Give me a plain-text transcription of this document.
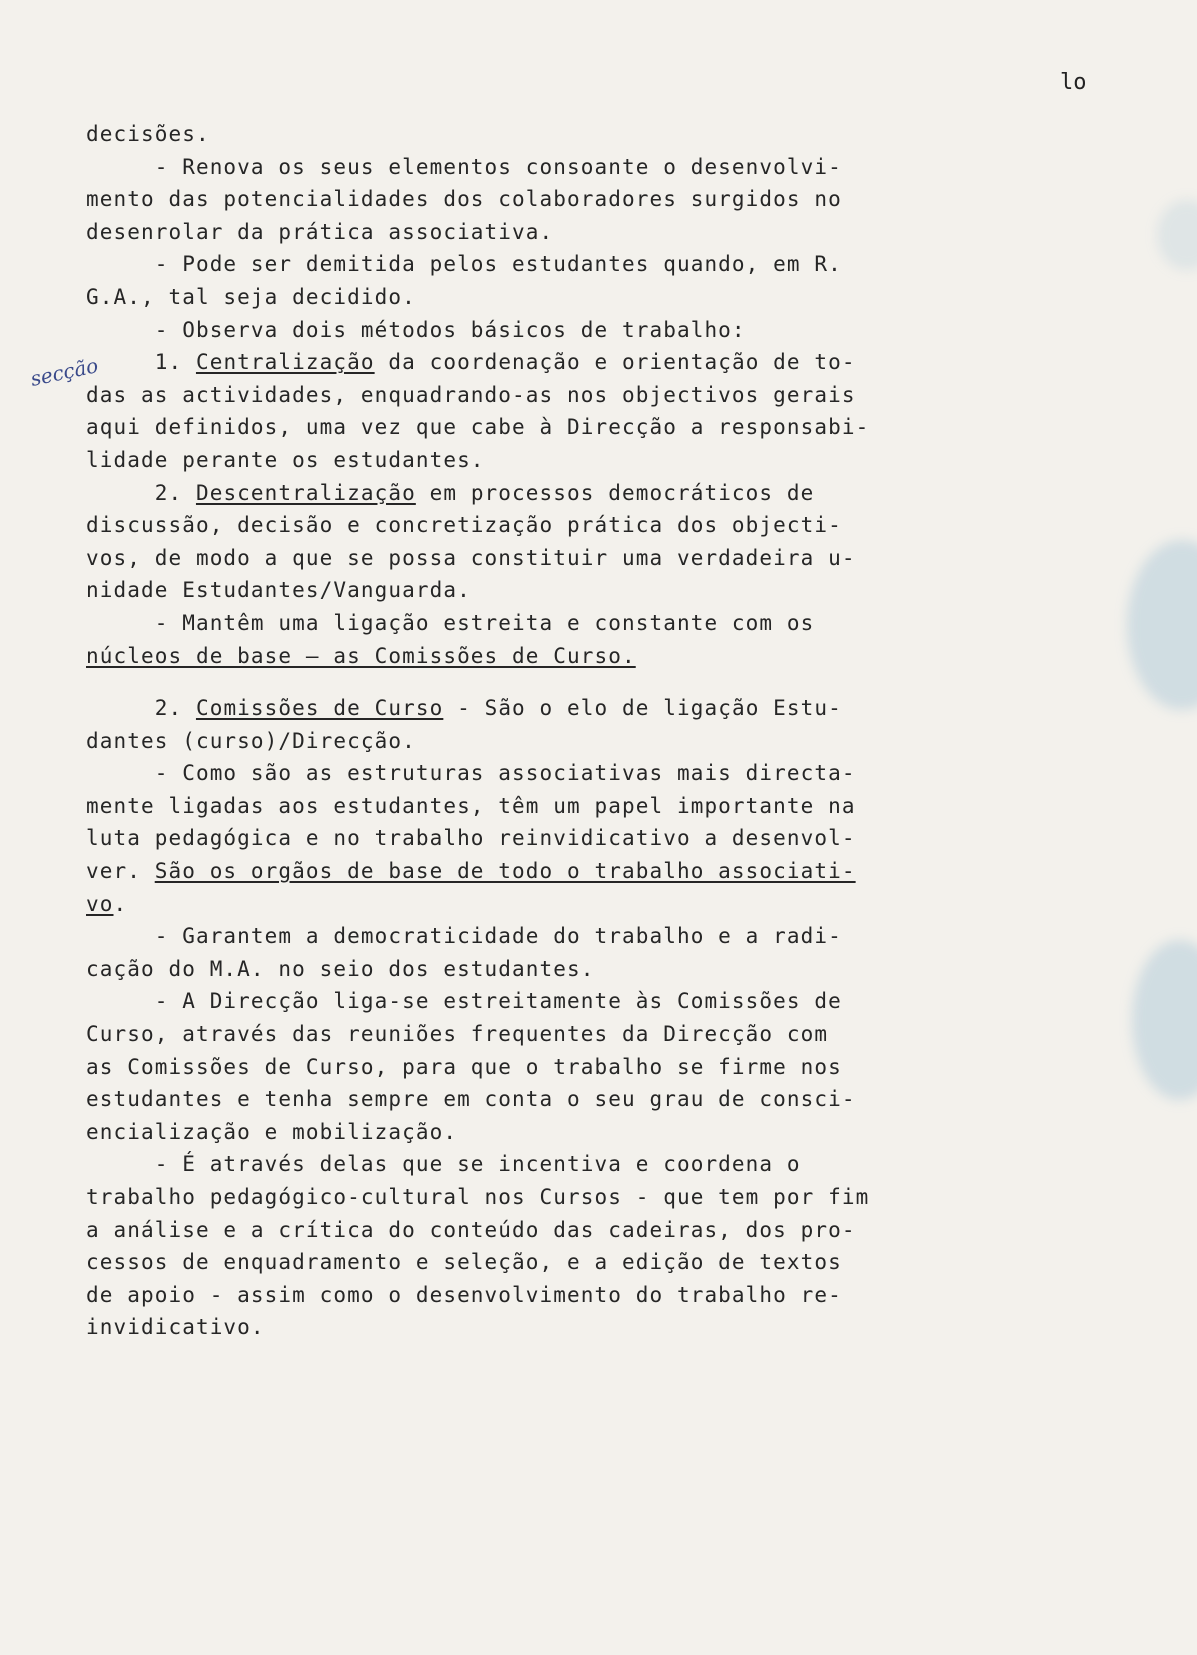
lo
secção
decisões.
- Renova os seus elementos consoante o desenvolvi-
mento das potencialidades dos colaboradores surgidos no
desenrolar da prática associativa.
- Pode ser demitida pelos estudantes quando, em R.
G.A., tal seja decidido.
- Observa dois métodos básicos de trabalho:
1. Centralização da coordenação e orientação de to-
das as actividades, enquadrando-as nos objectivos gerais
aqui definidos, uma vez que cabe à Direcção a responsabi-
lidade perante os estudantes.
2. Descentralização em processos democráticos de
discussão, decisão e concretização prática dos objecti-
vos, de modo a que se possa constituir uma verdadeira u-
nidade Estudantes/Vanguarda.
- Mantêm uma ligação estreita e constante com os
núcleos de base — as Comissões de Curso.
2. Comissões de Curso - São o elo de ligação Estu-
dantes (curso)/Direcção.
- Como são as estruturas associativas mais directa-
mente ligadas aos estudantes, têm um papel importante na
luta pedagógica e no trabalho reinvidicativo a desenvol-
ver. São os orgãos de base de todo o trabalho associati-
vo.
- Garantem a democraticidade do trabalho e a radi-
cação do M.A. no seio dos estudantes.
- A Direcção liga-se estreitamente às Comissões de
Curso, através das reuniões frequentes da Direcção com
as Comissões de Curso, para que o trabalho se firme nos
estudantes e tenha sempre em conta o seu grau de consci-
encialização e mobilização.
- É através delas que se incentiva e coordena o
trabalho pedagógico-cultural nos Cursos - que tem por fim
a análise e a crítica do conteúdo das cadeiras, dos pro-
cessos de enquadramento e seleção, e a edição de textos
de apoio - assim como o desenvolvimento do trabalho re-
invidicativo.
